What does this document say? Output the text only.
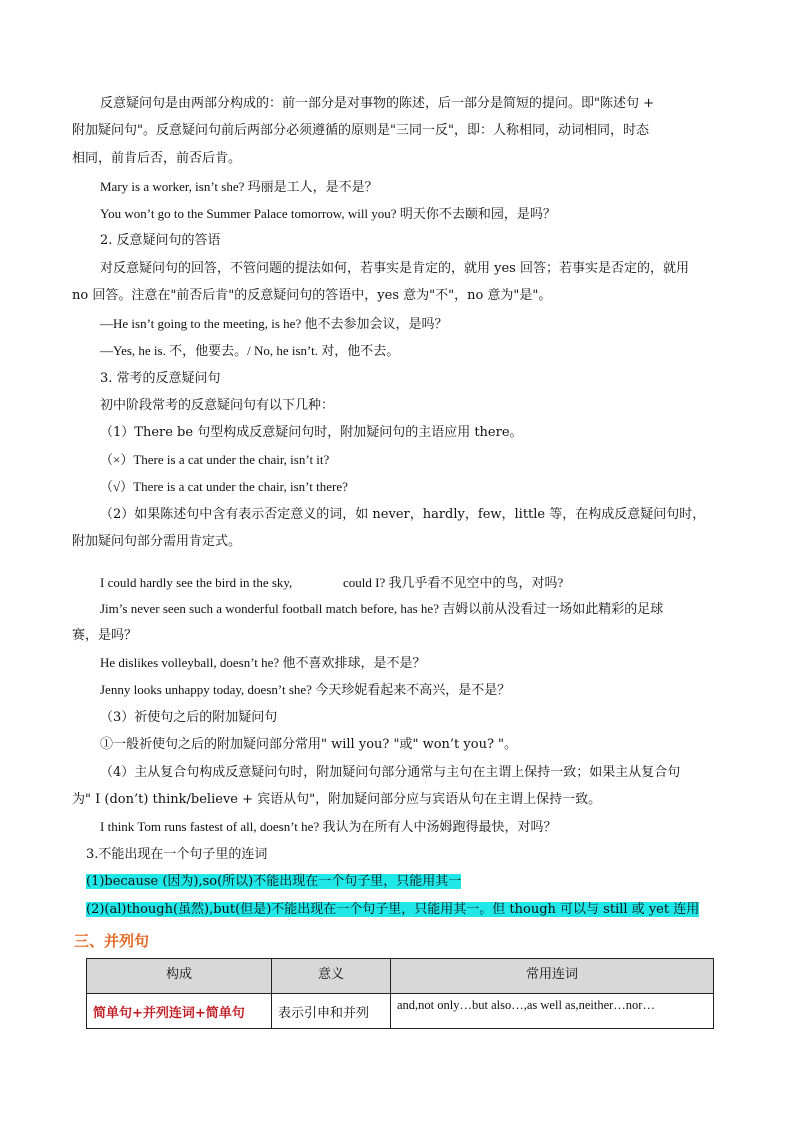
反意疑问句是由两部分构成的：前一部分是对事物的陈述，后一部分是简短的提问。即"陈述句 +
附加疑问句"。反意疑问句前后两部分必须遵循的原则是"三同一反"，即：人称相同，动词相同，时态
相同，前肯后否，前否后肯。
Mary is a worker, isn’t she? 玛丽是工人，是不是？
You won’t go to the Summer Palace tomorrow, will you? 明天你不去颐和园，是吗？
2. 反意疑问句的答语
对反意疑问句的回答，不管问题的提法如何，若事实是肯定的，就用 yes 回答；若事实是否定的，就用
no 回答。注意在"前否后肯"的反意疑问句的答语中，yes 意为"不"，no 意为"是"。
—He isn’t going to the meeting, is he? 他不去参加会议，是吗？
—Yes, he is. 不，他要去。/ No, he isn’t. 对，他不去。
3. 常考的反意疑问句
初中阶段常考的反意疑问句有以下几种：
（1）There be 句型构成反意疑问句时，附加疑问句的主语应用 there。
（×）There is a cat under the chair, isn’t it?
（√）There is a cat under the chair, isn’t there?
（2）如果陈述句中含有表示否定意义的词，如 never，hardly，few，little 等，在构成反意疑问句时，
附加疑问句部分需用肯定式。
I could hardly see the bird in the sky,	could I? 我几乎看不见空中的鸟，对吗?
Jim’s never seen such a wonderful football match before, has he? 吉姆以前从没看过一场如此精彩的足球
赛，是吗？
He dislikes volleyball, doesn’t he? 他不喜欢排球，是不是？
Jenny looks unhappy today, doesn’t she? 今天珍妮看起来不高兴，是不是？
（3）祈使句之后的附加疑问句
①一般祈使句之后的附加疑问部分常用" will you? "或" won’t you? "。
（4）主从复合句构成反意疑问句时，附加疑问句部分通常与主句在主谓上保持一致；如果主从复合句
为" I (don’t) think/believe + 宾语从句"，附加疑问部分应与宾语从句在主谓上保持一致。
I think Tom runs fastest of all, doesn’t he? 我认为在所有人中汤姆跑得最快，对吗？
3.不能出现在一个句子里的连词
(1)because (因为),so(所以)不能出现在一个句子里，只能用其一
(2)(al)though(虽然),but(但是)不能出现在一个句子里，只能用其一。但 though 可以与 still 或 yet 连用
三、并列句
构成	意义	常用连词
简单句+并列连词+简单句	表示引申和并列	and,not only…but also…,as well as,neither…nor…
